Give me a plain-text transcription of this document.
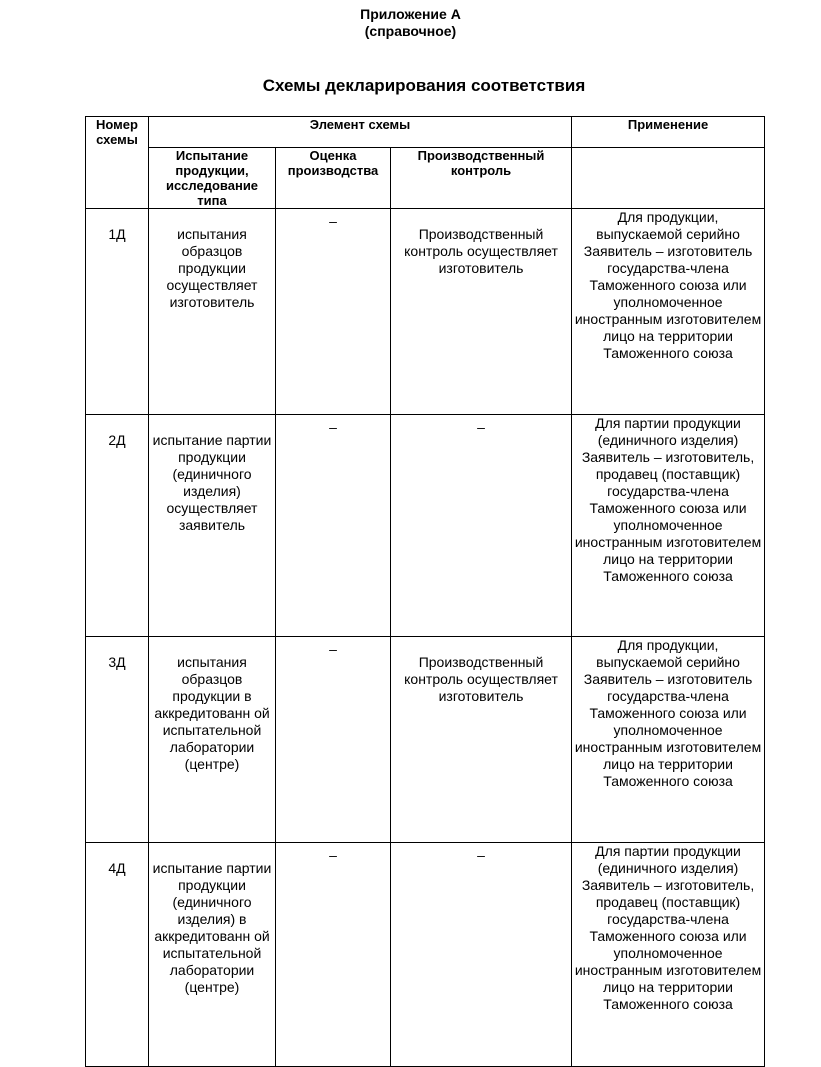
Приложение А
(справочное)
Схемы декларирования соответствия
Номер схемы	Элемент схемы			Применение
	Испытание продукции, исследование типа	Оценка производства	Производственный контроль	
1Д	испытания образцов продукции осуществляет изготовитель	–	Производственный контроль осуществляет изготовитель	Для продукции, выпускаемой серийно Заявитель – изготовитель государства-члена Таможенного союза или уполномоченное иностранным изготовителем лицо на территории Таможенного союза
2Д	испытание партии продукции (единичного изделия) осуществляет заявитель	–	–	Для партии продукции (единичного изделия) Заявитель – изготовитель, продавец (поставщик) государства-члена Таможенного союза или уполномоченное иностранным изготовителем лицо на территории Таможенного союза
3Д	испытания образцов продукции в аккредитованн ой испытательной лаборатории (центре)	–	Производственный контроль осуществляет изготовитель	Для продукции, выпускаемой серийно Заявитель – изготовитель государства-члена Таможенного союза или уполномоченное иностранным изготовителем лицо на территории Таможенного союза
4Д	испытание партии продукции (единичного изделия) в аккредитованн ой испытательной лаборатории (центре)	–	–	Для партии продукции (единичного изделия) Заявитель – изготовитель, продавец (поставщик) государства-члена Таможенного союза или уполномоченное иностранным изготовителем лицо на территории Таможенного союза
